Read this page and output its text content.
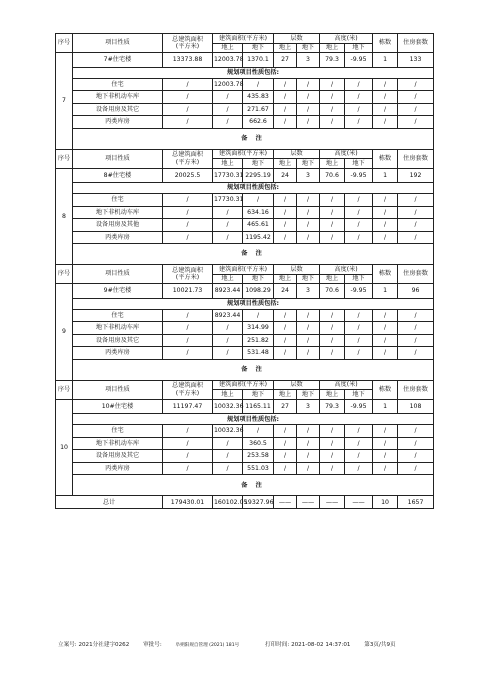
序号	项目性质	总建筑面积
(平方米)	建筑面积(平方米)		层数		高度(米)		栋数	住房套数
			地上	地下	地上	地下	地上	地下		
7	7#住宅楼	13373.88	12003.78	1370.1	27	3	79.3	-9.95	1	133
	规划项目性质包括:									
	住宅	/	12003.78	/	/	/	/	/	/	/
	地下非机动车库	/	/	435.83	/	/	/	/	/	/
	设备用房及其它	/	/	271.67	/	/	/	/	/	/
	丙类库房	/	/	662.6	/	/	/	/	/	/
	备 注									
序号	项目性质	总建筑面积
(平方米)	建筑面积(平方米)		层数		高度(米)		栋数	住房套数
			地上	地下	地上	地下	地上	地下		
8	8#住宅楼	20025.5	17730.31	2295.19	24	3	70.6	-9.95	1	192
	规划项目性质包括:									
	住宅	/	17730.31	/	/	/	/	/	/	/
	地下非机动车库	/	/	634.16	/	/	/	/	/	/
	设备用房及其他	/	/	465.61	/	/	/	/	/	/
	丙类库房	/	/	1195.42	/	/	/	/	/	/
	备 注									
序号	项目性质	总建筑面积
(平方米)	建筑面积(平方米)		层数		高度(米)		栋数	住房套数
			地上	地下	地上	地下	地上	地下		
9	9#住宅楼	10021.73	8923.44	1098.29	24	3	70.6	-9.95	1	96
	规划项目性质包括:									
	住宅	/	8923.44	/	/	/	/	/	/	/
	地下非机动车库	/	/	314.99	/	/	/	/	/	/
	设备用房及其它	/	/	251.82	/	/	/	/	/	/
	丙类库房	/	/	531.48	/	/	/	/	/	/
	备 注									
序号	项目性质	总建筑面积
(平方米)	建筑面积(平方米)		层数		高度(米)		栋数	住房套数
			地上	地下	地上	地下	地上	地下		
10	10#住宅楼	11197.47	10032.36	1165.11	27	3	79.3	-9.95	1	108
	规划项目性质包括:									
	住宅	/	10032.36	/	/	/	/	/	/	/
	地下非机动车库	/	/	360.5	/	/	/	/	/	/
	设备用房及其它	/	/	253.58	/	/	/	/	/	/
	丙类库房	/	/	551.03	/	/	/	/	/	/
	备 注									
总计		179430.01	160102.05	19327.96	——	——	——	——	10	1657
立案号: 2021分社建字0262 审批号:	阜朔阳规自管理 (2021) 181号	打印时间: 2021-08-02 14:37:01 第3页/共9页
